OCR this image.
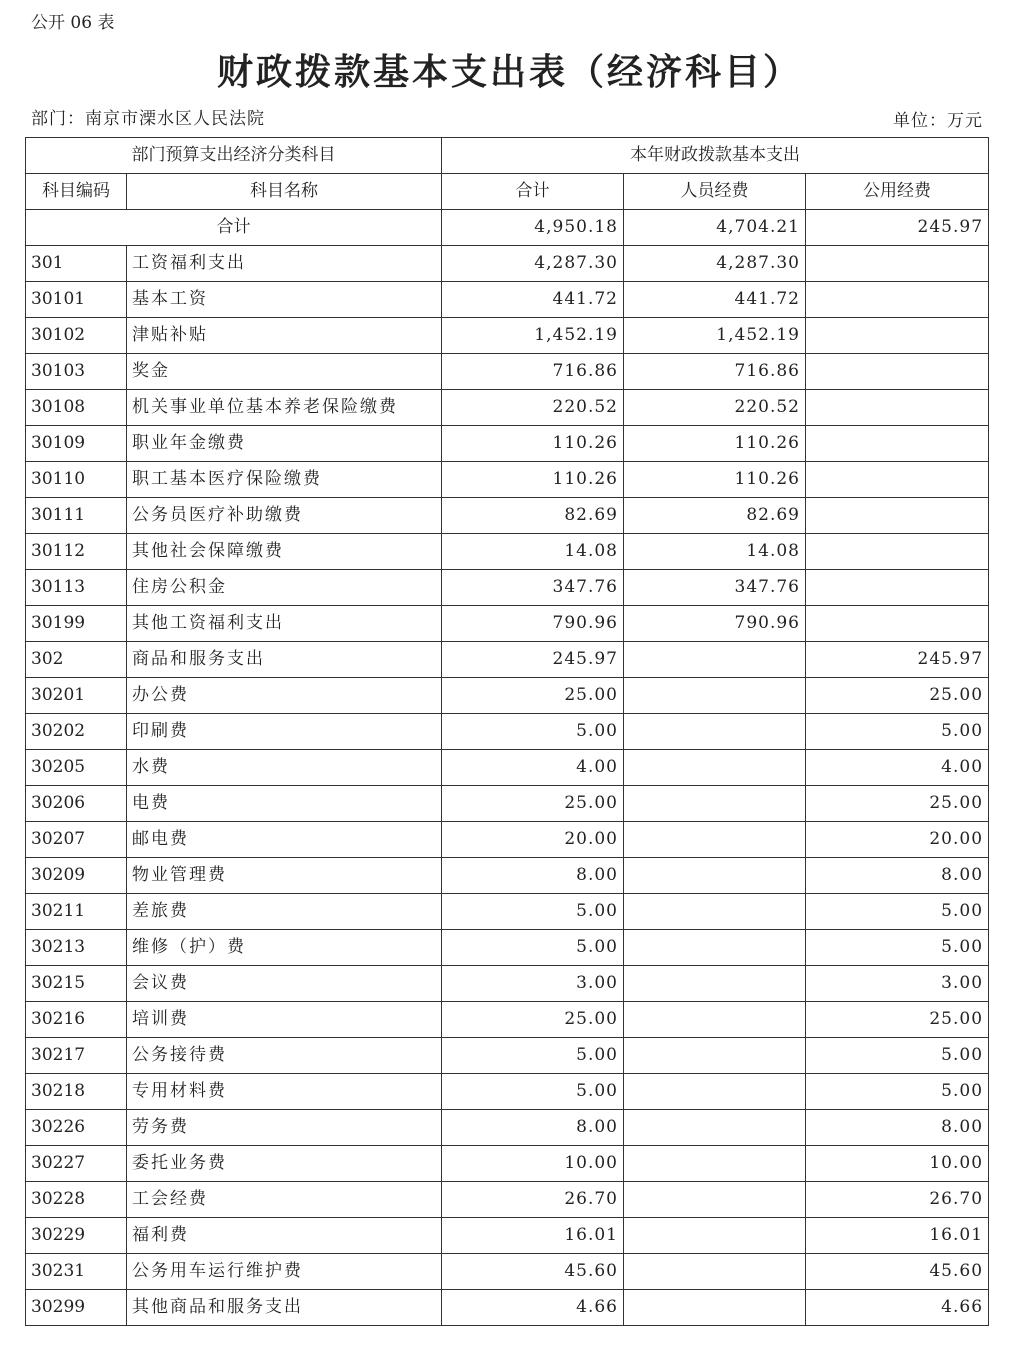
公开 06 表
财政拨款基本支出表（经济科目）
部门：南京市溧水区人民法院	单位：万元
部门预算支出经济分类科目		本年财政拨款基本支出		
科目编码	科目名称	合计	人员经费	公用经费
合计		4,950.18	4,704.21	245.97
301	工资福利支出	4,287.30	4,287.30	
30101	基本工资	441.72	441.72	
30102	津贴补贴	1,452.19	1,452.19	
30103	奖金	716.86	716.86	
30108	机关事业单位基本养老保险缴费	220.52	220.52	
30109	职业年金缴费	110.26	110.26	
30110	职工基本医疗保险缴费	110.26	110.26	
30111	公务员医疗补助缴费	82.69	82.69	
30112	其他社会保障缴费	14.08	14.08	
30113	住房公积金	347.76	347.76	
30199	其他工资福利支出	790.96	790.96	
302	商品和服务支出	245.97		245.97
30201	办公费	25.00		25.00
30202	印刷费	5.00		5.00
30205	水费	4.00		4.00
30206	电费	25.00		25.00
30207	邮电费	20.00		20.00
30209	物业管理费	8.00		8.00
30211	差旅费	5.00		5.00
30213	维修（护）费	5.00		5.00
30215	会议费	3.00		3.00
30216	培训费	25.00		25.00
30217	公务接待费	5.00		5.00
30218	专用材料费	5.00		5.00
30226	劳务费	8.00		8.00
30227	委托业务费	10.00		10.00
30228	工会经费	26.70		26.70
30229	福利费	16.01		16.01
30231	公务用车运行维护费	45.60		45.60
30299	其他商品和服务支出	4.66		4.66
